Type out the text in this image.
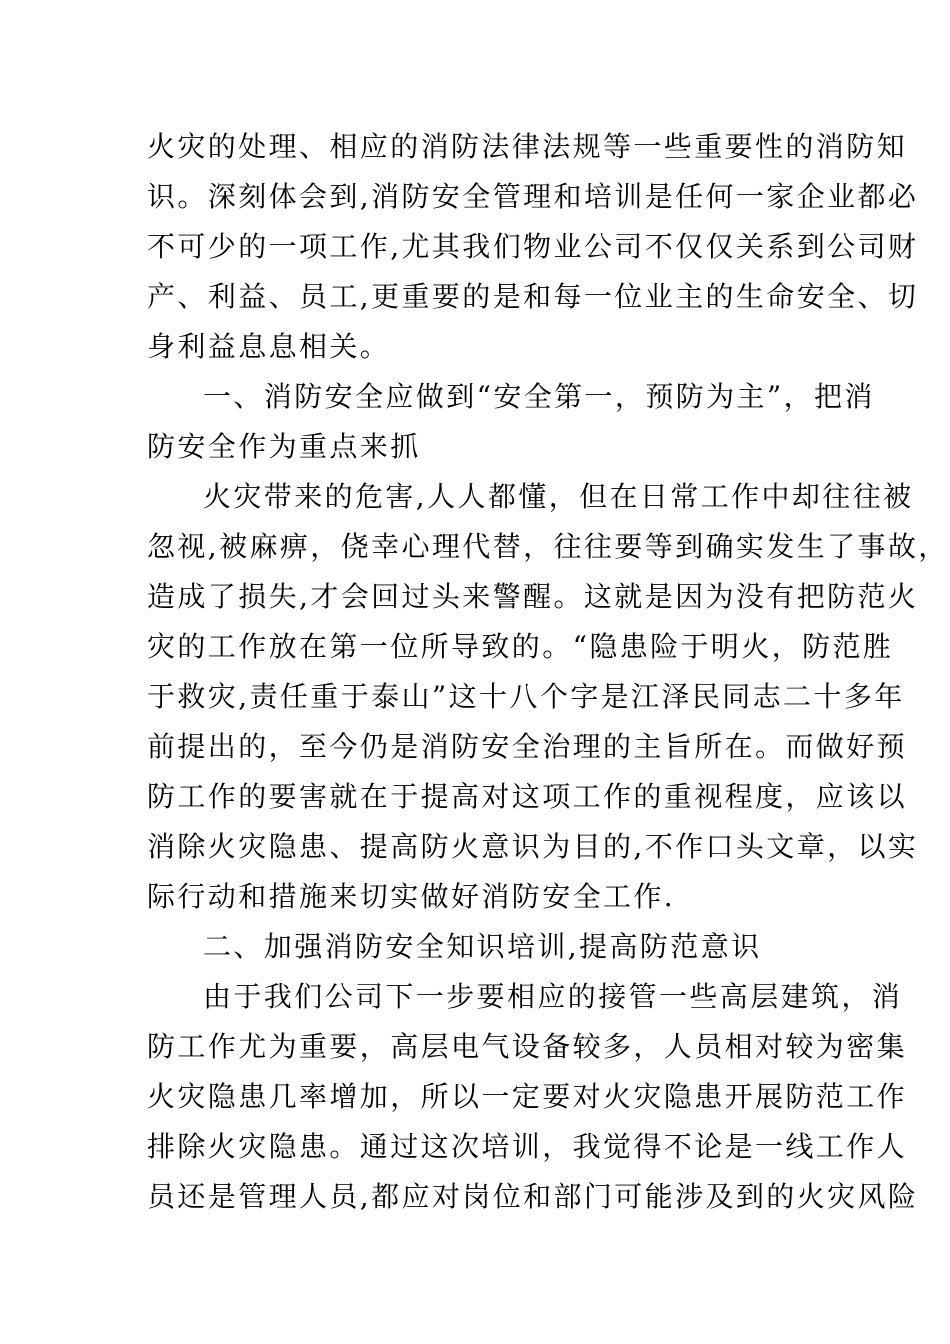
火灾的处理、相应的消防法律法规等一些重要性的消防知
识。深刻体会到,消防安全管理和培训是任何一家企业都必
不可少的一项工作,尤其我们物业公司不仅仅关系到公司财
产、利益、员工,更重要的是和每一位业主的生命安全、切
身利益息息相关。
一、消防安全应做到“安全第一，预防为主”，把消
防安全作为重点来抓
火灾带来的危害,人人都懂，但在日常工作中却往往被
忽视,被麻痹，侥幸心理代替，往往要等到确实发生了事故，
造成了损失,才会回过头来警醒。这就是因为没有把防范火
灾的工作放在第一位所导致的。“隐患险于明火，防范胜
于救灾,责任重于泰山”这十八个字是江泽民同志二十多年
前提出的，至今仍是消防安全治理的主旨所在。而做好预
防工作的要害就在于提高对这项工作的重视程度，应该以
消除火灾隐患、提高防火意识为目的,不作口头文章，以实
际行动和措施来切实做好消防安全工作.
二、加强消防安全知识培训,提高防范意识
由于我们公司下一步要相应的接管一些高层建筑，消
防工作尤为重要，高层电气设备较多，人员相对较为密集
火灾隐患几率增加，所以一定要对火灾隐患开展防范工作
排除火灾隐患。通过这次培训，我觉得不论是一线工作人
员还是管理人员,都应对岗位和部门可能涉及到的火灾风险
